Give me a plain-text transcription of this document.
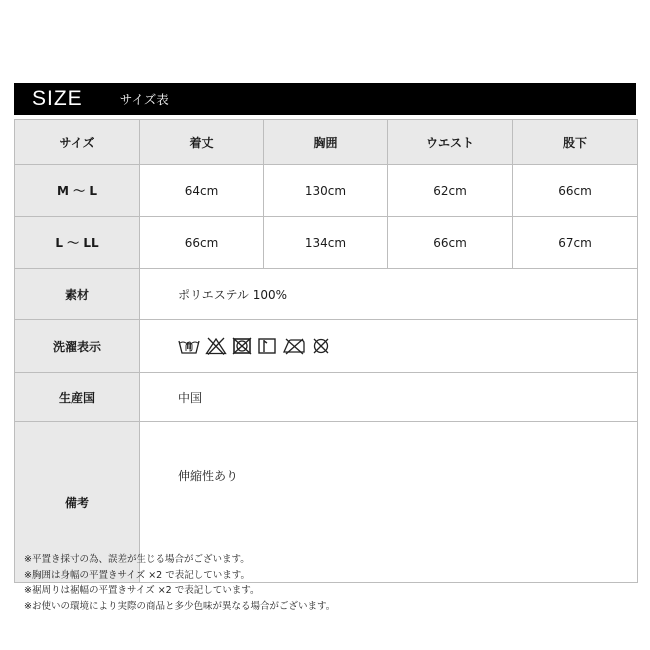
SIZE	サイズ表
サイズ	着丈	胸囲	ウエスト	股下
M 〜 L	64cm	130cm	62cm	66cm
L 〜 LL	66cm	134cm	66cm	67cm
素材	ポリエステル 100%			
洗濯表示	

生産国	中国			
備考	伸縮性あり			
※平置き採寸の為、誤差が生じる場合がございます。
※胸囲は身幅の平置きサイズ ×2 で表記しています。
※裾周りは裾幅の平置きサイズ ×2 で表記しています。
※お使いの環境により実際の商品と多少色味が異なる場合がございます。
